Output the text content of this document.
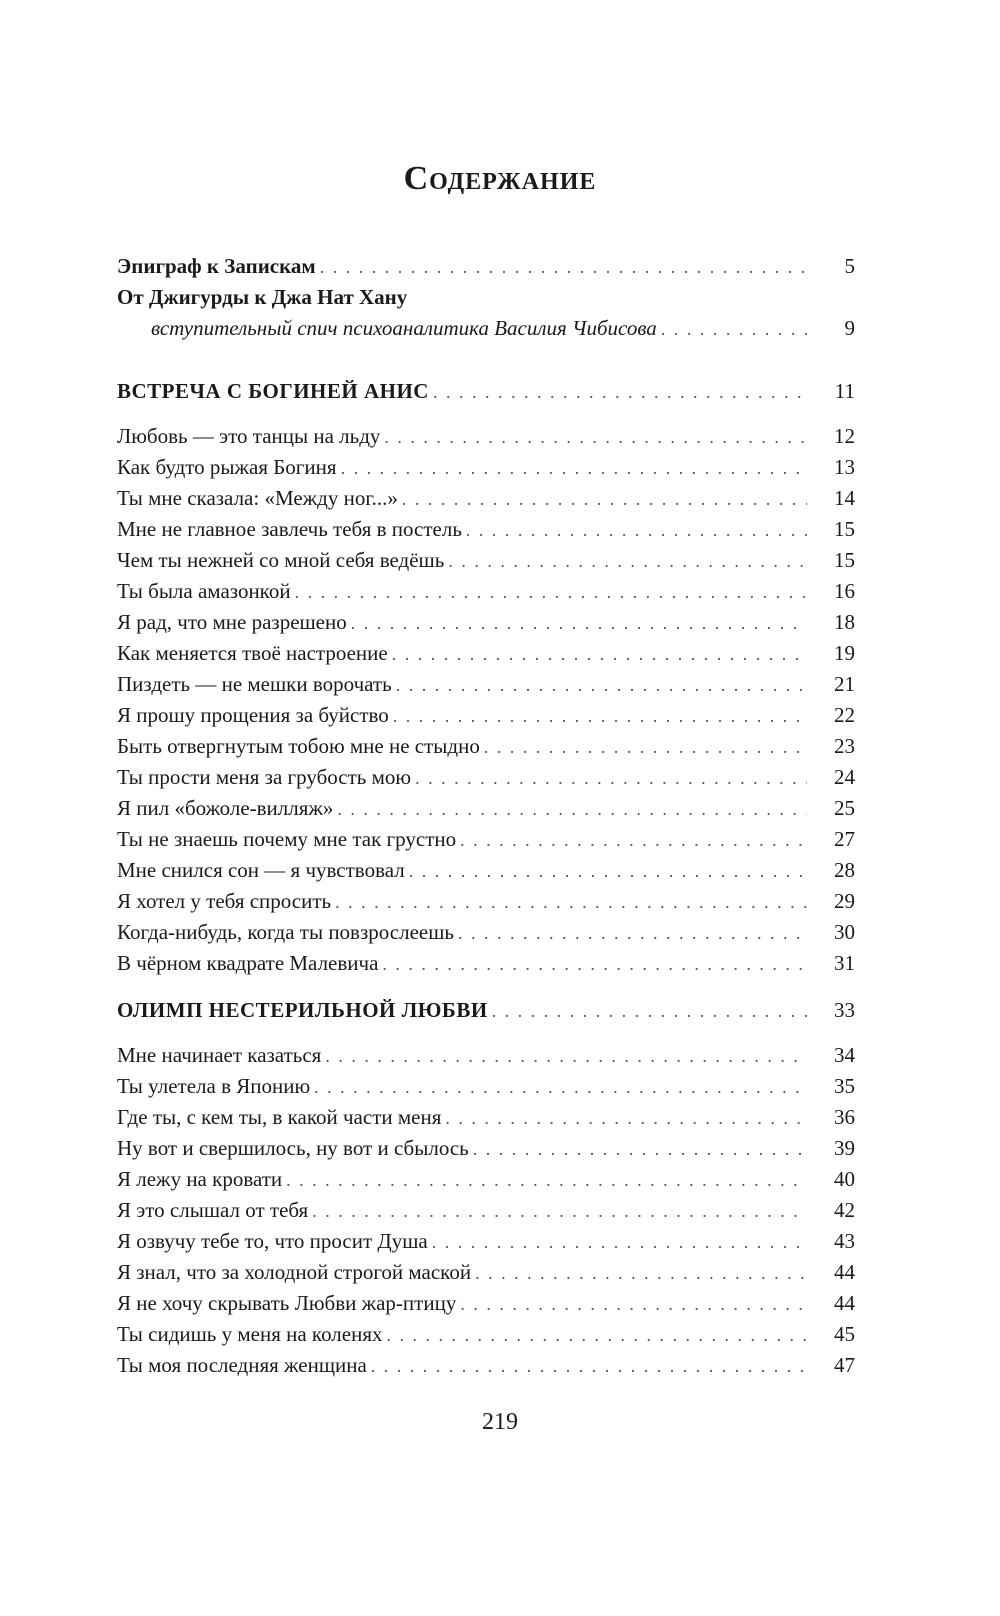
Содержание
Эпиграф к Запискам . . .	5
От Джигурды к Джа Нат Хану
вступительный спич психоаналитика Василия Чибисова . . .	9
ВСТРЕЧА С БОГИНЕЙ АНИС . . .	11
Любовь — это танцы на льду . . .	12
Как будто рыжая Богиня . . .	13
Ты мне сказала: «Между ног...» . . .	14
Мне не главное завлечь тебя в постель . . .	15
Чем ты нежней со мной себя ведёшь . . .	15
Ты была амазонкой . . .	16
Я рад, что мне разрешено . . .	18
Как меняется твоё настроение . . .	19
Пиздеть — не мешки ворочать . . .	21
Я прошу прощения за буйство . . .	22
Быть отвергнутым тобою мне не стыдно . . .	23
Ты прости меня за грубость мою . . .	24
Я пил «божоле-вилляж» . . .	25
Ты не знаешь почему мне так грустно . . .	27
Мне снился сон — я чувствовал . . .	28
Я хотел у тебя спросить . . .	29
Когда-нибудь, когда ты повзрослеешь . . .	30
В чёрном квадрате Малевича . . .	31
ОЛИМП НЕСТЕРИЛЬНОЙ ЛЮБВИ . . .	33
Мне начинает казаться . . .	34
Ты улетела в Японию . . .	35
Где ты, с кем ты, в какой части меня . . .	36
Ну вот и свершилось, ну вот и сбылось . . .	39
Я лежу на кровати . . .	40
Я это слышал от тебя . . .	42
Я озвучу тебе то, что просит Душа . . .	43
Я знал, что за холодной строгой маской . . .	44
Я не хочу скрывать Любви жар-птицу . . .	44
Ты сидишь у меня на коленях . . .	45
Ты моя последняя женщина . . .	47
219
